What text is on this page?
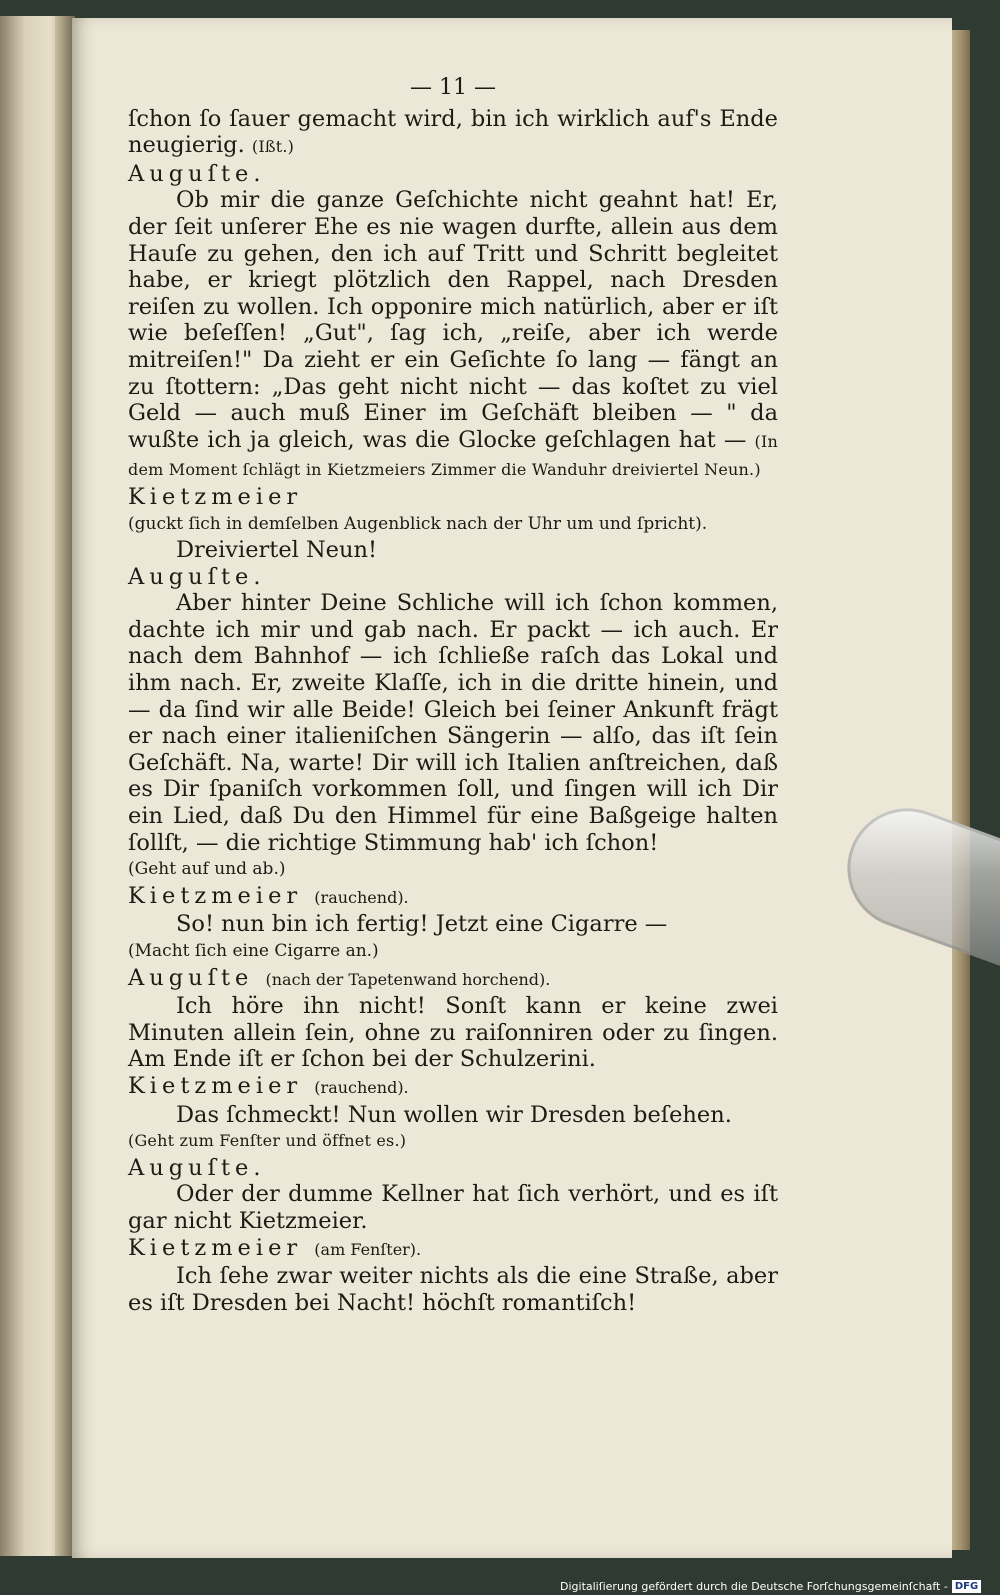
— 11 —

ſchon ſo ſauer gemacht wird, bin ich wirklich auf's Ende neugierig. (Ißt.)

Auguſte.

Ob mir die ganze Geſchichte nicht geahnt hat! Er, der ſeit unſerer Ehe es nie wagen durfte, allein aus dem Hauſe zu gehen, den ich auf Tritt und Schritt begleitet habe, er kriegt plötzlich den Rappel, nach Dresden reiſen zu wollen. Ich opponire mich natürlich, aber er iſt wie beſeſſen! „Gut", ſag ich, „reiſe, aber ich werde mitreiſen!" Da zieht er ein Geſichte ſo lang — fängt an zu ſtottern: „Das geht nicht nicht — das koſtet zu viel Geld — auch muß Einer im Geſchäft bleiben — " da wußte ich ja gleich, was die Glocke geſchlagen hat — (In dem Moment ſchlägt in Kietzmeiers Zimmer die Wanduhr dreiviertel Neun.)

Kietzmeier

(guckt ſich in demſelben Augenblick nach der Uhr um und ſpricht).

Dreiviertel Neun!

Auguſte.

Aber hinter Deine Schliche will ich ſchon kommen, dachte ich mir und gab nach. Er packt — ich auch. Er nach dem Bahnhof — ich ſchließe raſch das Lokal und ihm nach. Er, zweite Klaſſe, ich in die dritte hinein, und — da ſind wir alle Beide! Gleich bei ſeiner Ankunft frägt er nach einer italieniſchen Sängerin — alſo, das iſt ſein Geſchäft. Na, warte! Dir will ich Italien anſtreichen, daß es Dir ſpaniſch vorkommen ſoll, und ſingen will ich Dir ein Lied, daß Du den Himmel für eine Baßgeige halten ſollſt, — die richtige Stimmung hab' ich ſchon!

(Geht auf und ab.)

Kietzmeier (rauchend).

So! nun bin ich fertig! Jetzt eine Cigarre —

(Macht ſich eine Cigarre an.)

Auguſte (nach der Tapetenwand horchend).

Ich höre ihn nicht! Sonſt kann er keine zwei Minuten allein ſein, ohne zu raiſonniren oder zu ſingen. Am Ende iſt er ſchon bei der Schulzerini.

Kietzmeier (rauchend).

Das ſchmeckt! Nun wollen wir Dresden beſehen.

(Geht zum Fenſter und öffnet es.)

Auguſte.

Oder der dumme Kellner hat ſich verhört, und es iſt gar nicht Kietzmeier.

Kietzmeier (am Fenſter).

Ich ſehe zwar weiter nichts als die eine Straße, aber es iſt Dresden bei Nacht! höchſt romantiſch!

Digitaliſierung gefördert durch die Deutsche Forſchungsgemeinſchaft - DFG
